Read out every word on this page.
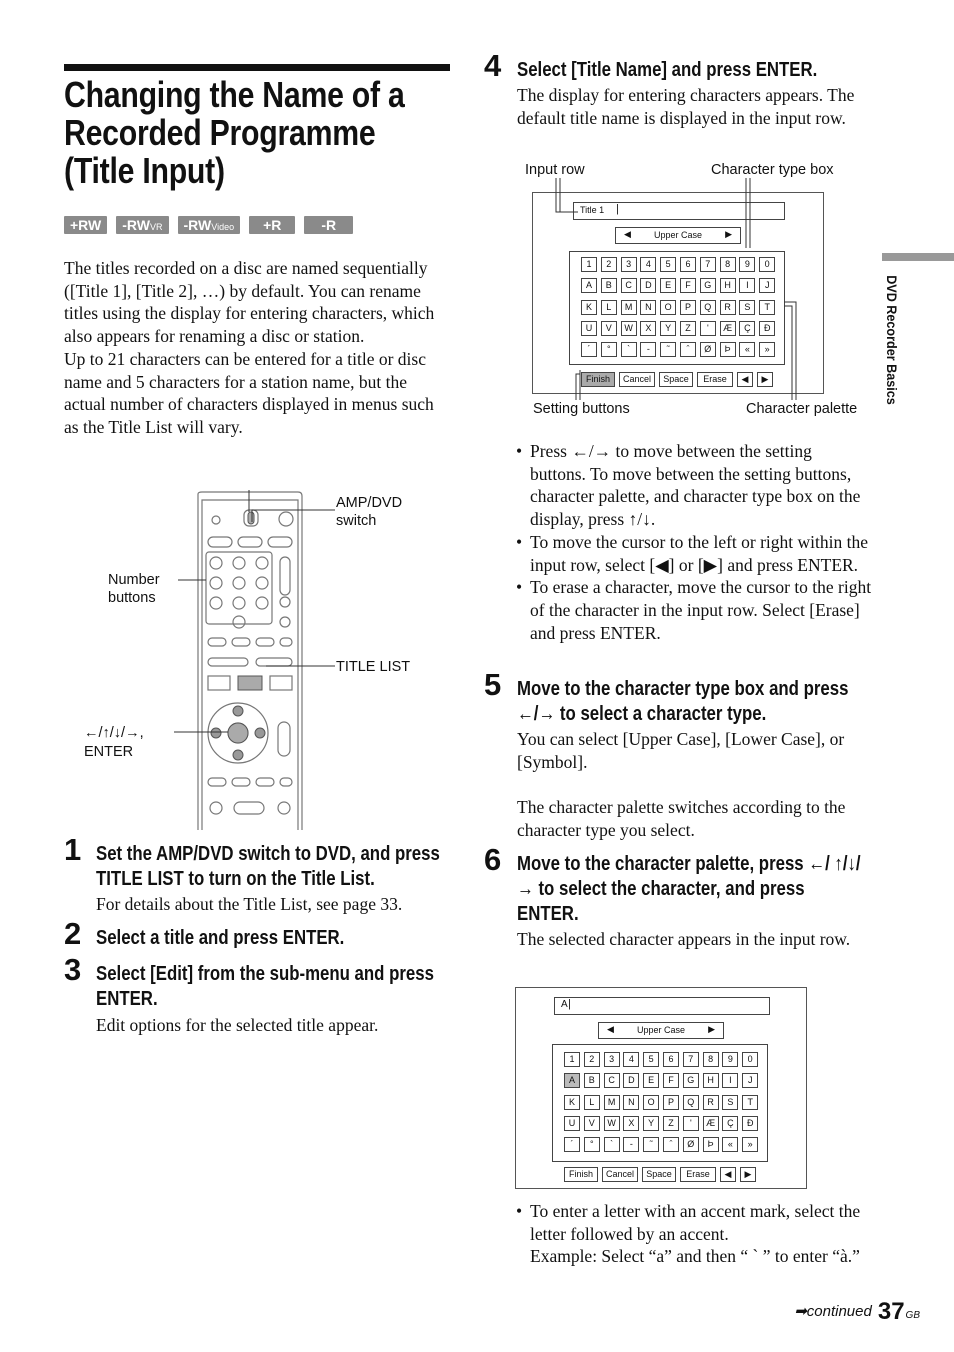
Changing the Name of a Recorded Programme (Title Input)
+RW	-RWVR	-RWVideo	+R	-R
The titles recorded on a disc are named sequentially ([Title 1], [Title 2], …) by default. You can rename titles using the display for entering characters, which also appears for renaming a disc or station.
Up to 21 characters can be entered for a title or disc name and 5 characters for a station name, but the actual number of characters displayed in menus such as the Title List will vary.
AMP/DVD switch
Number buttons
TITLE LIST
←/↑/↓/→,
ENTER
1 Set the AMP/DVD switch to DVD, and press TITLE LIST to turn on the Title List.
For details about the Title List, see page 33.
2 Select a title and press ENTER.
3 Select [Edit] from the sub-menu and press ENTER.
Edit options for the selected title appear.
4 Select [Title Name] and press ENTER.
The display for entering characters appears. The default title name is displayed in the input row.
Input row	Character type box
Setting buttons	Character palette
Title 1 |
◀	Upper Case	▶
1	2	3	4	5	6	7	8	9	0
A	B	C	D	E	F	G	H	I	J
K	L	M	N	O	P	Q	R	S	T
U	V	W	X	Y	Z	'	Æ	Ç	Đ
´	°	`	-	˜	ˆ	Ø	Þ	«	»
Finish	Cancel	Space	Erase	◀	▶
• Press ←/→ to move between the setting buttons. To move between the setting buttons, character palette, and character type box on the display, press ↑/↓.
• To move the cursor to the left or right within the input row, select [◀] or [▶] and press ENTER.
• To erase a character, move the cursor to the right of the character in the input row. Select [Erase] and press ENTER.
5 Move to the character type box and press ←/→ to select a character type.
You can select [Upper Case], [Lower Case], or [Symbol].
The character palette switches according to the character type you select.
6 Move to the character palette, press ←/ ↑/↓/→ to select the character, and press ENTER.
The selected character appears in the input row.
A |
◀	Upper Case	▶
1	2	3	4	5	6	7	8	9	0
A	B	C	D	E	F	G	H	I	J
K	L	M	N	O	P	Q	R	S	T
U	V	W	X	Y	Z	'	Æ	Ç	Đ
´	°	`	-	˜	ˆ	Ø	Þ	«	»
Finish	Cancel	Space	Erase	◀	▶
• To enter a letter with an accent mark, select the letter followed by an accent.
Example: Select “a” and then “ ` ” to enter “à.”
DVD Recorder Basics
➡continued 37 GB
